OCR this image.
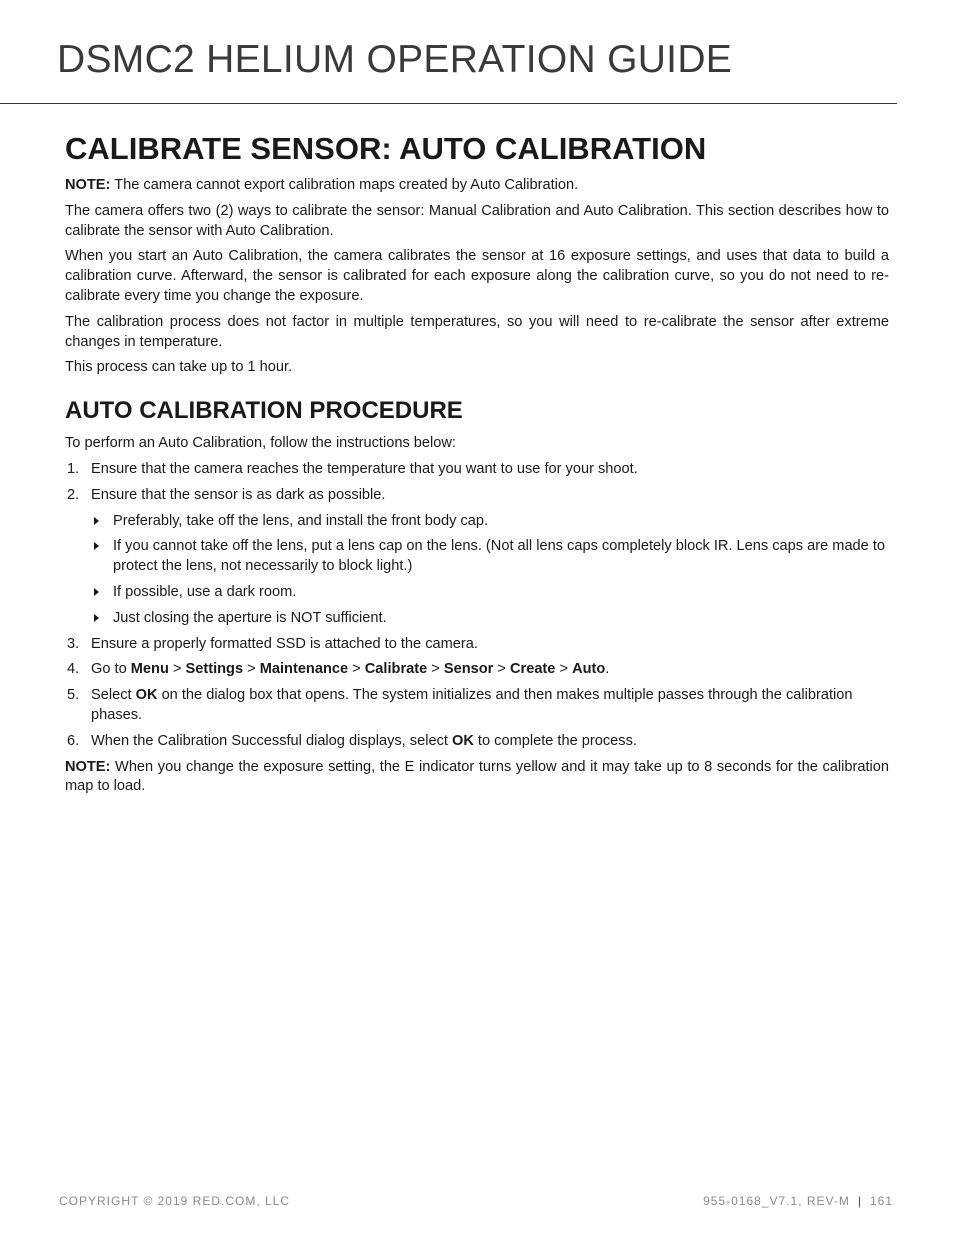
DSMC2 HELIUM OPERATION GUIDE
CALIBRATE SENSOR: AUTO CALIBRATION

NOTE: The camera cannot export calibration maps created by Auto Calibration.

The camera offers two (2) ways to calibrate the sensor: Manual Calibration and Auto Calibration. This section describes how to calibrate the sensor with Auto Calibration.

When you start an Auto Calibration, the camera calibrates the sensor at 16 exposure settings, and uses that data to build a calibration curve. Afterward, the sensor is calibrated for each exposure along the calibration curve, so you do not need to re-calibrate every time you change the exposure.

The calibration process does not factor in multiple temperatures, so you will need to re-calibrate the sensor after extreme changes in temperature.

This process can take up to 1 hour.

AUTO CALIBRATION PROCEDURE

To perform an Auto Calibration, follow the instructions below:

1. Ensure that the camera reaches the temperature that you want to use for your shoot.
2. Ensure that the sensor is as dark as possible.
Preferably, take off the lens, and install the front body cap.
If you cannot take off the lens, put a lens cap on the lens. (Not all lens caps completely block IR. Lens caps are made to protect the lens, not necessarily to block light.)
If possible, use a dark room.
Just closing the aperture is NOT sufficient.
3. Ensure a properly formatted SSD is attached to the camera.
4. Go to Menu > Settings > Maintenance > Calibrate > Sensor > Create > Auto.
5. Select OK on the dialog box that opens. The system initializes and then makes multiple passes through the calibration phases.
6. When the Calibration Successful dialog displays, select OK to complete the process.

NOTE: When you change the exposure setting, the E indicator turns yellow and it may take up to 8 seconds for the calibration map to load.

COPYRIGHT © 2019 RED.COM, LLC	955-0168_V7.1, REV-M | 161
